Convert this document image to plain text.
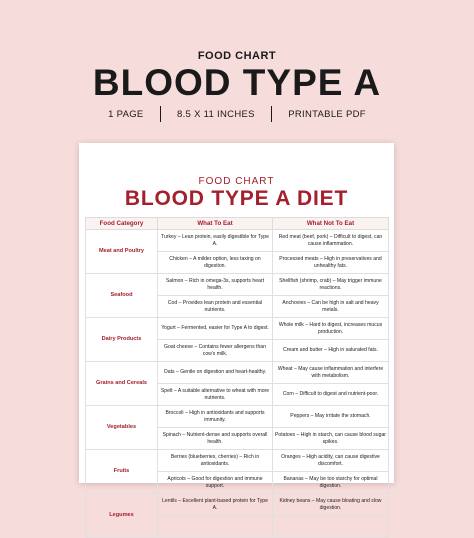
FOOD CHART
BLOOD TYPE A
1 PAGE	8.5 X 11 INCHES	PRINTABLE PDF
FOOD CHART
BLOOD TYPE A DIET
Food Category	What To Eat	What Not To Eat
Meat and Poultry	Turkey – Lean protein, easily digestible for Type A.	Red meat (beef, pork) – Difficult to digest, can cause inflammation.
	Chicken – A milder option, less taxing on digestion.	Processed meats – High in preservatives and unhealthy fats.
Seafood	Salmon – Rich in omega-3s, supports heart health.	Shellfish (shrimp, crab) – May trigger immune reactions.
	Cod – Provides lean protein and essential nutrients.	Anchovies – Can be high in salt and heavy metals.
Dairy Products	Yogurt – Fermented, easier for Type A to digest.	Whole milk – Hard to digest, increases mucus production.
	Goat cheese – Contains fewer allergens than cow's milk.	Cream and butter – High in saturated fats.
Grains and Cereals	Oats – Gentle on digestion and heart-healthy.	Wheat – May cause inflammation and interfere with metabolism.
	Spelt – A suitable alternative to wheat with more nutrients.	Corn – Difficult to digest and nutrient-poor.
Vegetables	Broccoli – High in antioxidants and supports immunity.	Peppers – May irritate the stomach.
	Spinach – Nutrient-dense and supports overall health.	Potatoes – High in starch, can cause blood sugar spikes.
Fruits	Berries (blueberries, cherries) – Rich in antioxidants.	Oranges – High acidity, can cause digestive discomfort.
	Apricots – Good for digestion and immune support.	Bananas – May be too starchy for optimal digestion.
Legumes	Lentils – Excellent plant-based protein for Type A.	Kidney beans – May cause bloating and slow digestion.
